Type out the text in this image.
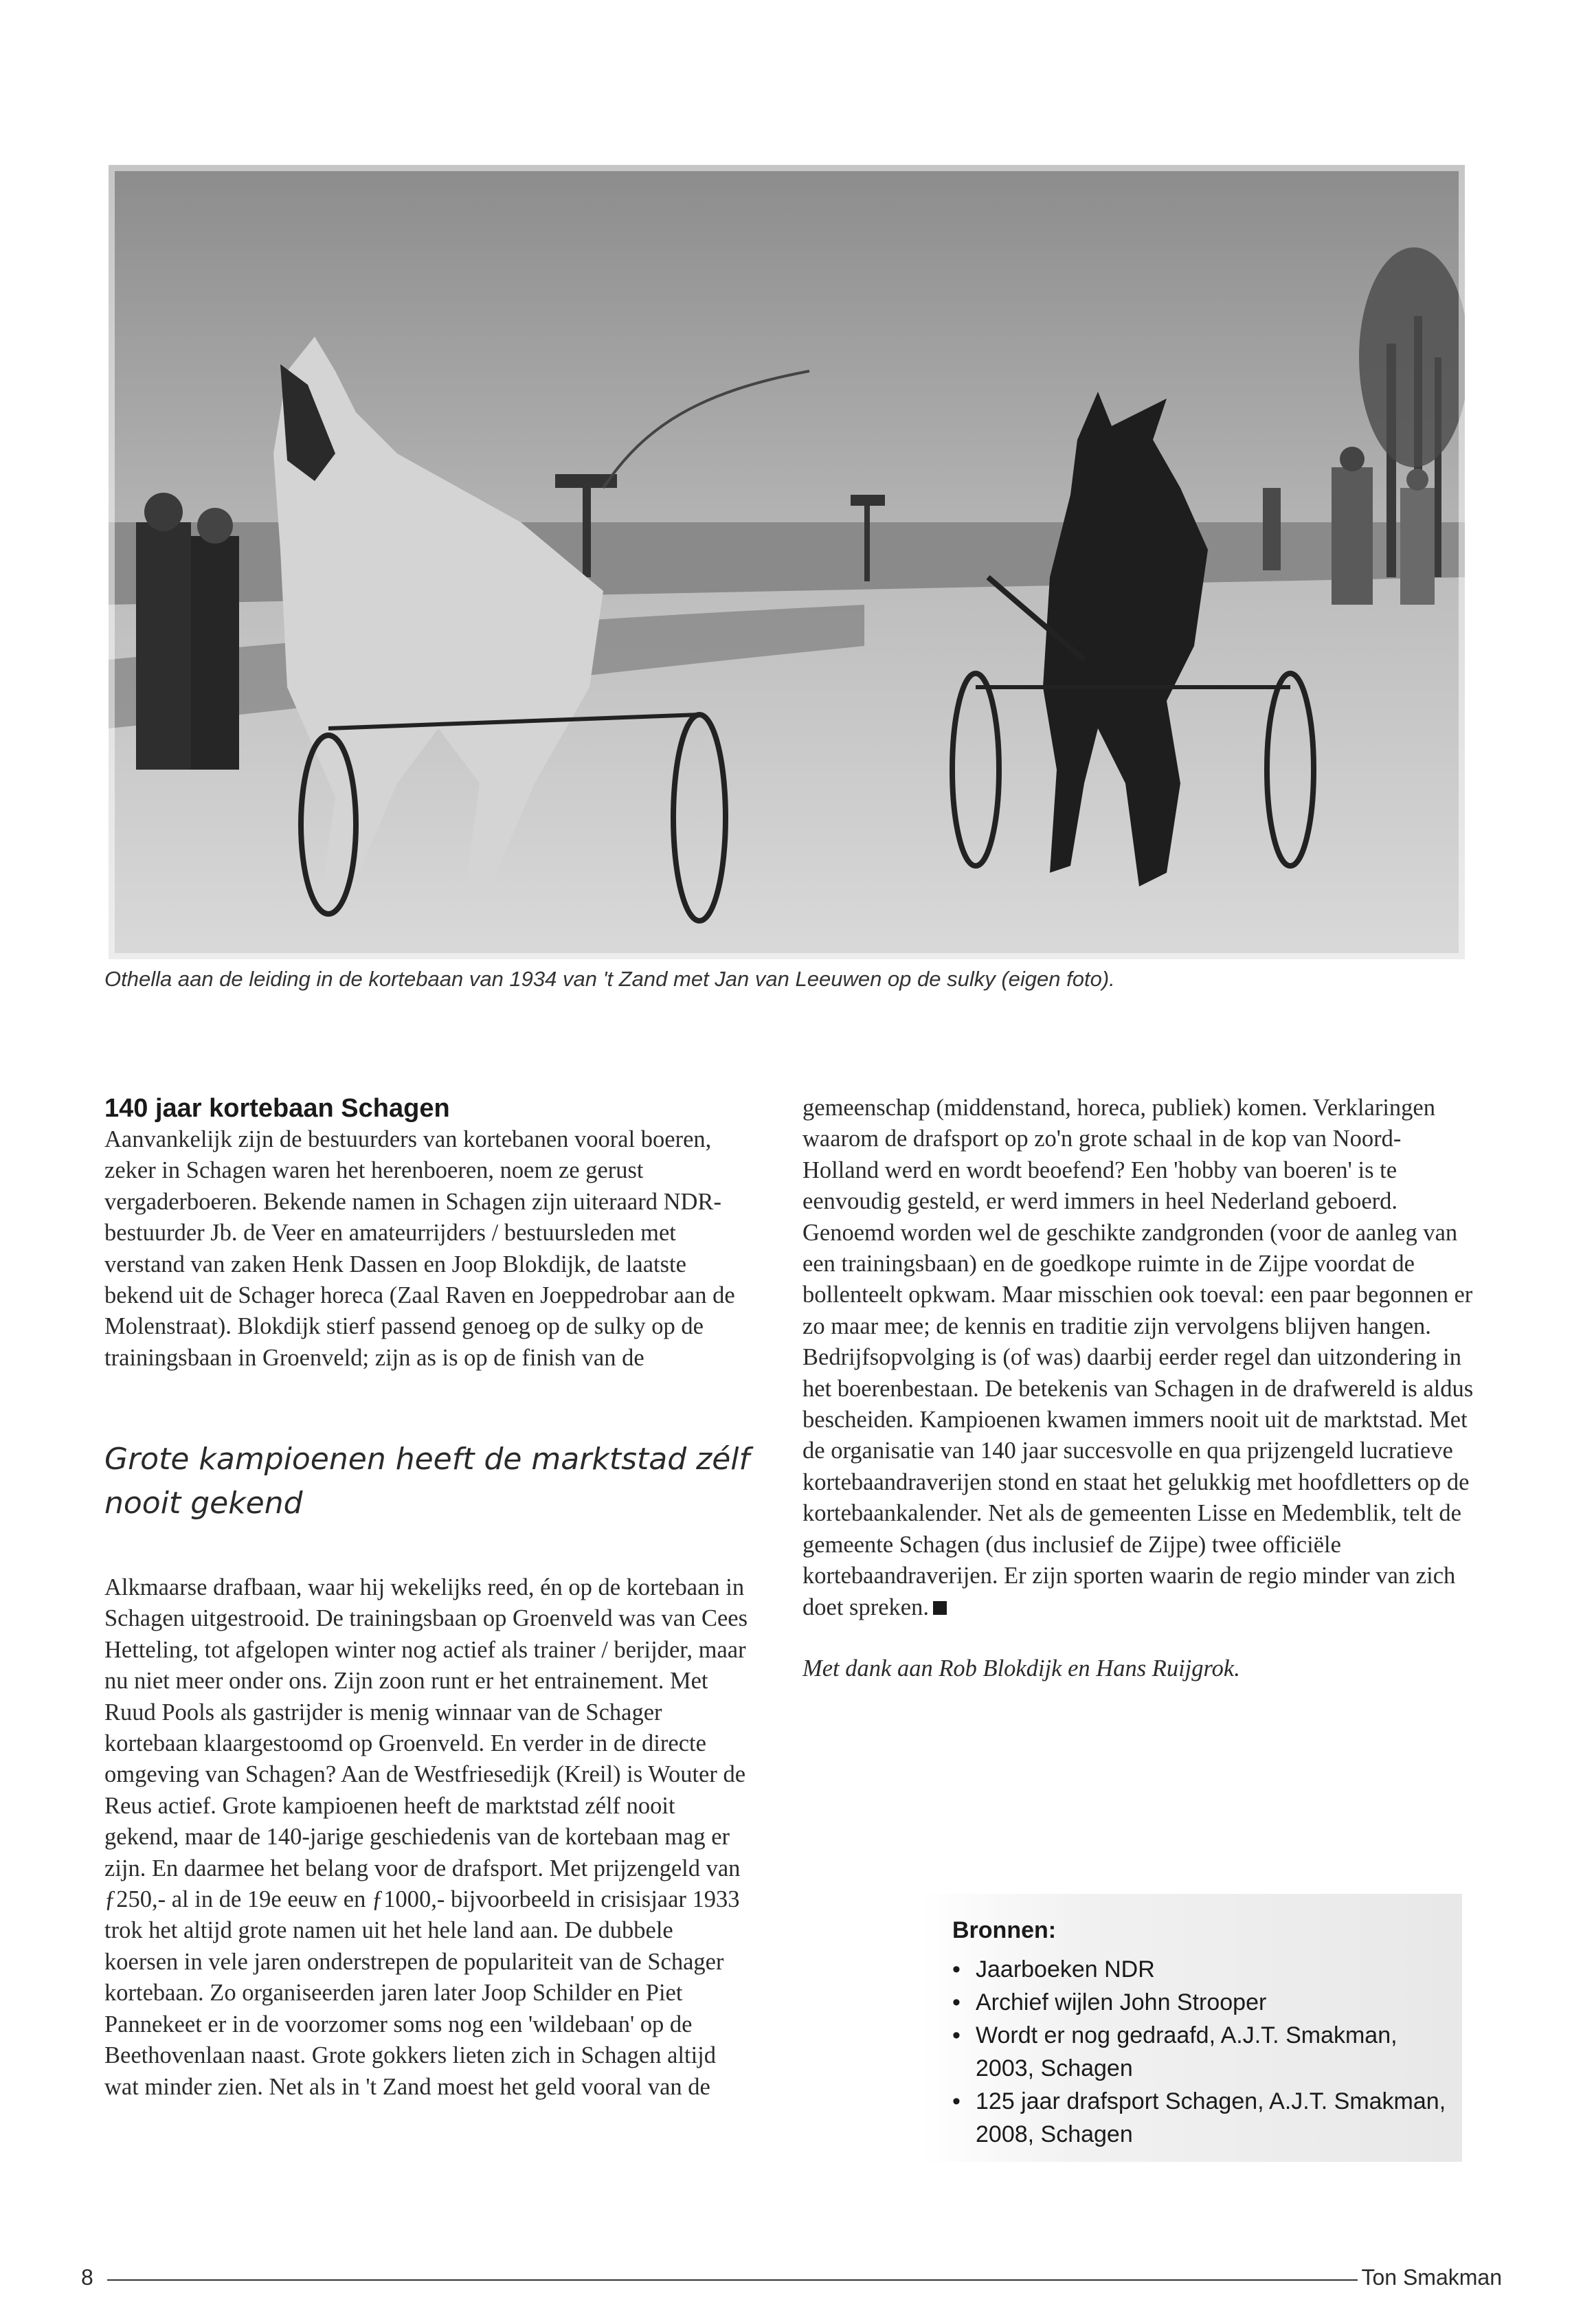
Othella aan de leiding in de kortebaan van 1934 van 't Zand met Jan van Leeuwen op de sulky (eigen foto).
140 jaar kortebaan Schagen

Aanvankelijk zijn de bestuurders van kortebanen vooral boeren, zeker in Schagen waren het herenboeren, noem ze gerust vergaderboeren. Bekende namen in Schagen zijn uiteraard NDR-bestuurder Jb. de Veer en amateurrijders / bestuursleden met verstand van zaken Henk Dassen en Joop Blokdijk, de laatste bekend uit de Schager horeca (Zaal Raven en Joeppedrobar aan de Molenstraat). Blokdijk stierf passend genoeg op de sulky op de trainingsbaan in Groenveld; zijn as is op de finish van de

Grote kampioenen heeft de marktstad zélf nooit gekend

Alkmaarse drafbaan, waar hij wekelijks reed, én op de kortebaan in Schagen uitgestrooid. De trainingsbaan op Groenveld was van Cees Hetteling, tot afgelopen winter nog actief als trainer / berijder, maar nu niet meer onder ons. Zijn zoon runt er het entrainement. Met Ruud Pools als gastrijder is menig winnaar van de Schager kortebaan klaargestoomd op Groenveld. En verder in de directe omgeving van Schagen? Aan de Westfriesedijk (Kreil) is Wouter de Reus actief. Grote kampioenen heeft de marktstad zélf nooit gekend, maar de 140-jarige geschiedenis van de kortebaan mag er zijn. En daarmee het belang voor de drafsport. Met prijzengeld van ƒ250,- al in de 19e eeuw en ƒ1000,- bijvoorbeeld in crisisjaar 1933 trok het altijd grote namen uit het hele land aan. De dubbele koersen in vele jaren onderstrepen de populariteit van de Schager kortebaan. Zo organiseerden jaren later Joop Schilder en Piet Pannekeet er in de voorzomer soms nog een 'wildebaan' op de Beethovenlaan naast. Grote gokkers lieten zich in Schagen altijd wat minder zien. Net als in 't Zand moest het geld vooral van de

gemeenschap (middenstand, horeca, publiek) komen. Verklaringen waarom de drafsport op zo'n grote schaal in de kop van Noord-Holland werd en wordt beoefend? Een 'hobby van boeren' is te eenvoudig gesteld, er werd immers in heel Nederland geboerd. Genoemd worden wel de geschikte zandgronden (voor de aanleg van een trainingsbaan) en de goedkope ruimte in de Zijpe voordat de bollenteelt opkwam. Maar misschien ook toeval: een paar begonnen er zo maar mee; de kennis en traditie zijn vervolgens blijven hangen. Bedrijfsopvolging is (of was) daarbij eerder regel dan uitzondering in het boerenbestaan. De betekenis van Schagen in de drafwereld is aldus bescheiden. Kampioenen kwamen immers nooit uit de marktstad. Met de organisatie van 140 jaar succesvolle en qua prijzengeld lucratieve kortebaandraverijen stond en staat het gelukkig met hoofdletters op de kortebaankalender. Net als de gemeenten Lisse en Medemblik, telt de gemeente Schagen (dus inclusief de Zijpe) twee officiële kortebaandraverijen. Er zijn sporten waarin de regio minder van zich doet spreken.

Met dank aan Rob Blokdijk en Hans Ruijgrok.

Bronnen:
• Jaarboeken NDR
• Archief wijlen John Strooper
• Wordt er nog gedraafd, A.J.T. Smakman, 2003, Schagen
• 125 jaar drafsport Schagen, A.J.T. Smakman, 2008, Schagen
8	Ton Smakman
